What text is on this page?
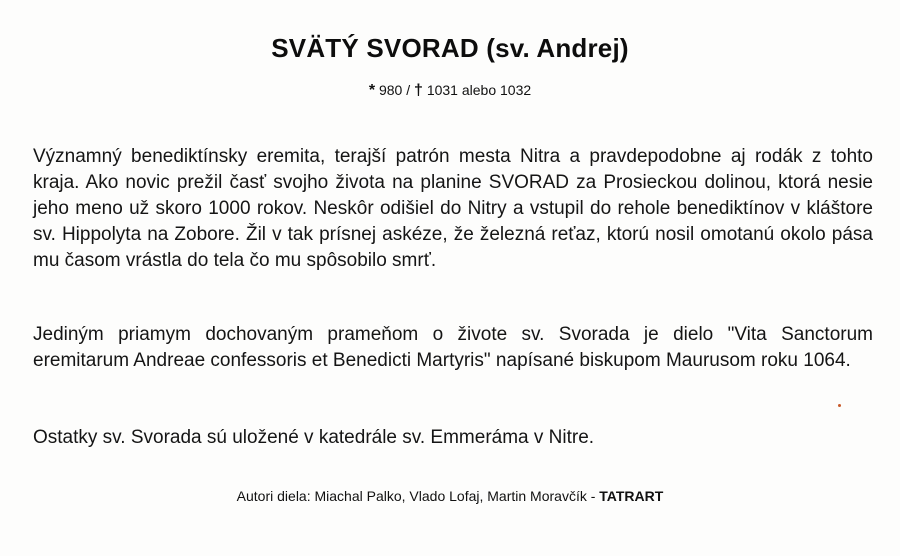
SVÄTÝ SVORAD (sv. Andrej)
* 980 / † 1031 alebo 1032
Významný benediktínsky eremita, terajší patrón mesta Nitra a pravdepodobne aj rodák z tohto kraja. Ako novic prežil časť svojho života na planine SVORAD za Prosieckou dolinou, ktorá nesie jeho meno už skoro 1000 rokov. Neskôr odišiel do Nitry a vstupil do rehole benediktínov v kláštore sv. Hippolyta na Zobore. Žil v tak prísnej askéze, že železná reťaz, ktorú nosil omotanú okolo pása mu časom vrástla do tela čo mu spôsobilo smrť.
Jediným priamym dochovaným prameňom o živote sv. Svorada je dielo "Vita Sanctorum eremitarum Andreae confessoris et Benedicti Martyris" napísané biskupom Maurusom roku 1064.
Ostatky sv. Svorada sú uložené v katedrále sv. Emmeráma v Nitre.
Autori diela: Miachal Palko, Vlado Lofaj, Martin Moravčík - TATRART
